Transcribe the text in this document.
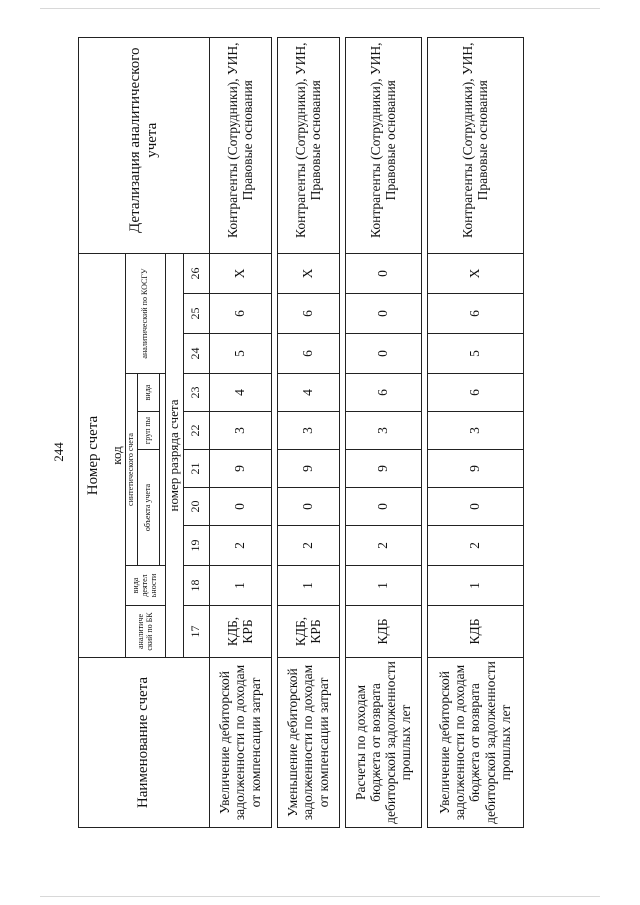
244
Наименование счета	Номер счета											Детализация аналитического учета
	код											
	аналитиче ский по БК	вида деятел ьности	синтетического счета					аналитический по КОСГУ				
			объекта учета			груп пы	вида					

	номер разряда счета											
	17	18	19	20	21	22	23	24	25	26		
Увеличение дебиторской задолженности по доходам от компенсации затрат	КДБ, КРБ	1	2	0	9	3	4	5	6	Х		Контрагенты (Сотрудники), УИН, Правовые основания

Уменьшение дебиторской задолженности по доходам от компенсации затрат	КДБ, КРБ	1	2	0	9	3	4	6	6	Х		Контрагенты (Сотрудники), УИН, Правовые основания

Расчеты по доходам бюджета от возврата дебиторской задолженности прошлых лет	КДБ	1	2	0	9	3	6	0	0	0		Контрагенты (Сотрудники), УИН, Правовые основания

Увеличение дебиторской задолженности по доходам бюджета от возврата дебиторской задолженности прошлых лет	КДБ	1	2	0	9	3	6	5	6	Х		Контрагенты (Сотрудники), УИН, Правовые основания
